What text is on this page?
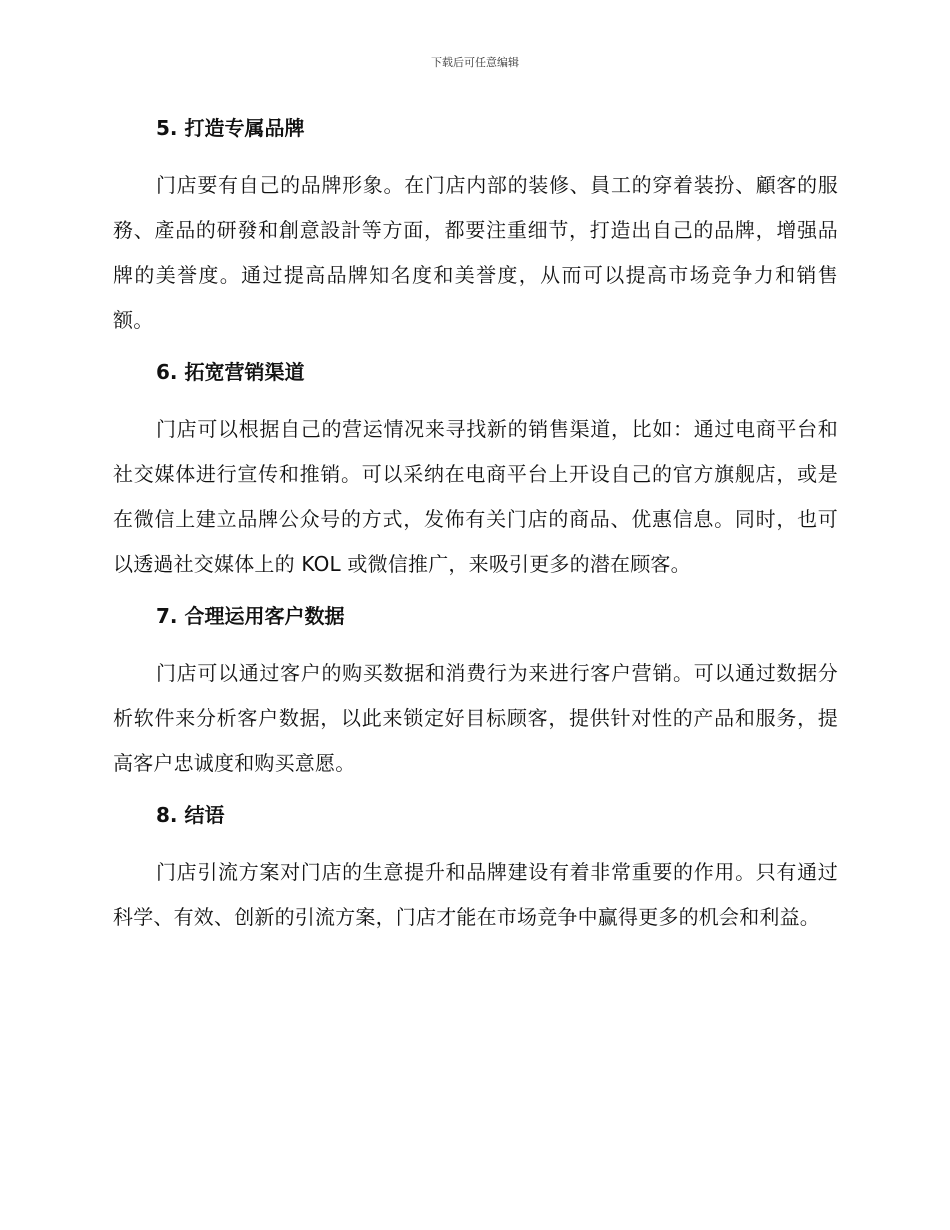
下载后可任意编辑
5. 打造专属品牌

门店要有自己的品牌形象。在门店内部的装修、員工的穿着装扮、顧客的服務、產品的研發和創意設計等方面，都要注重细节，打造出自己的品牌，增强品牌的美誉度。通过提高品牌知名度和美誉度，从而可以提高市场竞争力和销售额。

6. 拓宽营销渠道

门店可以根据自己的营运情况来寻找新的销售渠道，比如：通过电商平台和社交媒体进行宣传和推销。可以采纳在电商平台上开设自己的官方旗舰店，或是在微信上建立品牌公众号的方式，发佈有关门店的商品、优惠信息。同时，也可以透過社交媒体上的 KOL 或微信推广，来吸引更多的潜在顾客。

7. 合理运用客户数据

门店可以通过客户的购买数据和消费行为来进行客户营销。可以通过数据分析软件来分析客户数据，以此来锁定好目标顾客，提供针对性的产品和服务，提高客户忠诚度和购买意愿。

8. 结语

门店引流方案对门店的生意提升和品牌建设有着非常重要的作用。只有通过科学、有效、创新的引流方案，门店才能在市场竞争中赢得更多的机会和利益。
